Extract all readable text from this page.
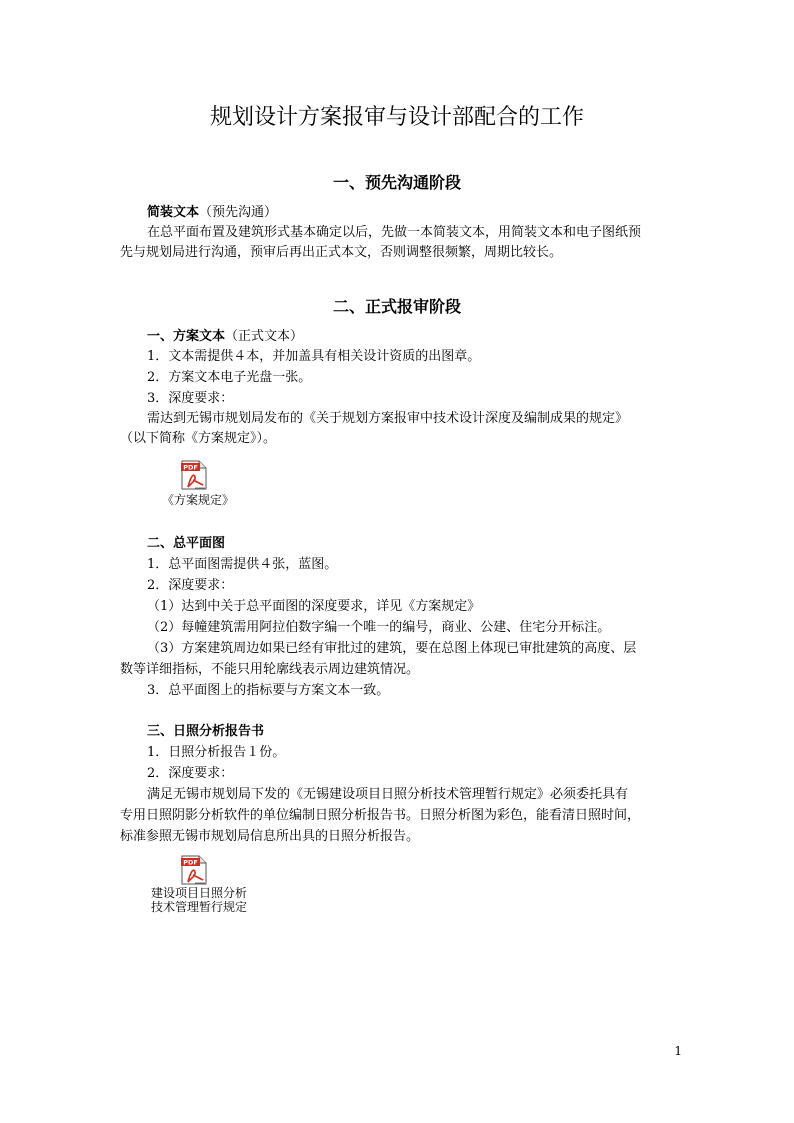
规划设计方案报审与设计部配合的工作
一、预先沟通阶段
简装文本（预先沟通）
在总平面布置及建筑形式基本确定以后，先做一本简装文本，用简装文本和电子图纸预
先与规划局进行沟通，预审后再出正式本文，否则调整很频繁，周期比较长。
二、正式报审阶段
一、方案文本（正式文本）
1．文本需提供４本，并加盖具有相关设计资质的出图章。
2．方案文本电子光盘一张。
3．深度要求：
需达到无锡市规划局发布的《关于规划方案报审中技术设计深度及编制成果的规定》
（以下简称《方案规定》）。
PDF
《方案规定》
二、总平面图
1．总平面图需提供４张，蓝图。
2．深度要求：
（1）达到中关于总平面图的深度要求，详见《方案规定》
（2）每幢建筑需用阿拉伯数字编一个唯一的编号，商业、公建、住宅分开标注。
（3）方案建筑周边如果已经有审批过的建筑，要在总图上体现已审批建筑的高度、层
数等详细指标，不能只用轮廓线表示周边建筑情况。
3．总平面图上的指标要与方案文本一致。
三、日照分析报告书
1．日照分析报告１份。
2．深度要求：
满足无锡市规划局下发的《无锡建设项目日照分析技术管理暂行规定》必须委托具有
专用日照阴影分析软件的单位编制日照分析报告书。日照分析图为彩色，能看清日照时间，
标准参照无锡市规划局信息所出具的日照分析报告。
PDF
建设项目日照分析
技术管理暂行规定
1
